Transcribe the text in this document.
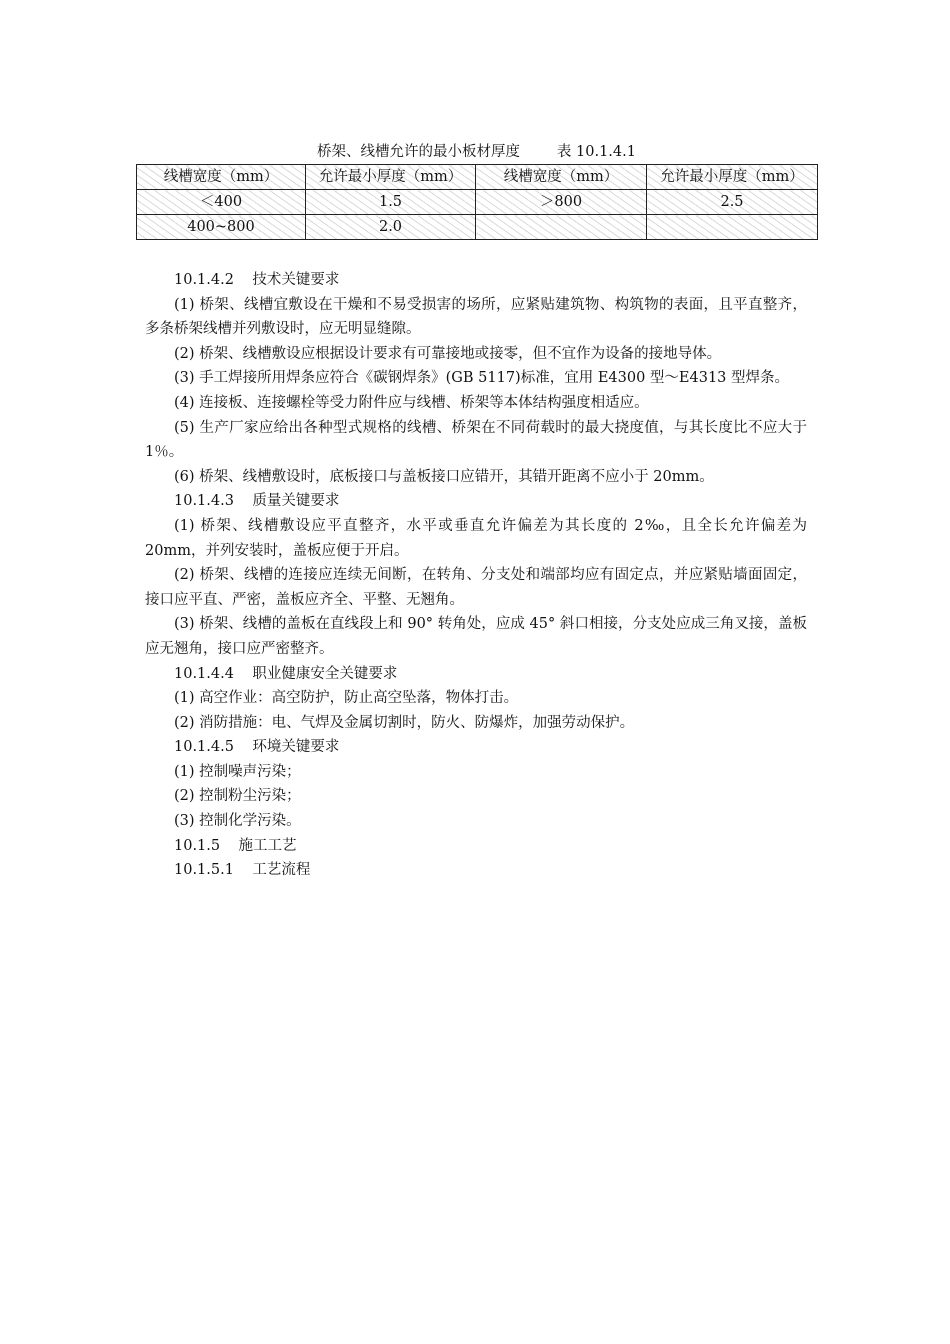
桥架、线槽允许的最小板材厚度        表 10.1.4.1
线槽宽度（mm）	允许最小厚度（mm）	线槽宽度（mm）	允许最小厚度（mm）
＜400	1.5	＞800	2.5
400~800	2.0		

10.1.4.2    技术关键要求

(1) 桥架、线槽宜敷设在干燥和不易受损害的场所，应紧贴建筑物、构筑物的表面，且平直整齐，多条桥架线槽并列敷设时，应无明显缝隙。

(2) 桥架、线槽敷设应根据设计要求有可靠接地或接零，但不宜作为设备的接地导体。

(3) 手工焊接所用焊条应符合《碳钢焊条》(GB 5117)标准，宜用 E4300 型～E4313 型焊条。

(4) 连接板、连接螺栓等受力附件应与线槽、桥架等本体结构强度相适应。

(5) 生产厂家应给出各种型式规格的线槽、桥架在不同荷载时的最大挠度值，与其长度比不应大于 1％。

(6) 桥架、线槽敷设时，底板接口与盖板接口应错开，其错开距离不应小于 20mm。

10.1.4.3    质量关键要求

(1) 桥架、线槽敷设应平直整齐，水平或垂直允许偏差为其长度的 2‰，且全长允许偏差为 20mm，并列安装时，盖板应便于开启。

(2) 桥架、线槽的连接应连续无间断，在转角、分支处和端部均应有固定点，并应紧贴墙面固定，接口应平直、严密，盖板应齐全、平整、无翘角。

(3) 桥架、线槽的盖板在直线段上和 90° 转角处，应成 45° 斜口相接，分支处应成三角叉接，盖板应无翘角，接口应严密整齐。

10.1.4.4    职业健康安全关键要求

(1) 高空作业：高空防护，防止高空坠落，物体打击。

(2) 消防措施：电、气焊及金属切割时，防火、防爆炸，加强劳动保护。

10.1.4.5    环境关键要求

(1) 控制噪声污染；

(2) 控制粉尘污染；

(3) 控制化学污染。

10.1.5    施工工艺

10.1.5.1    工艺流程
